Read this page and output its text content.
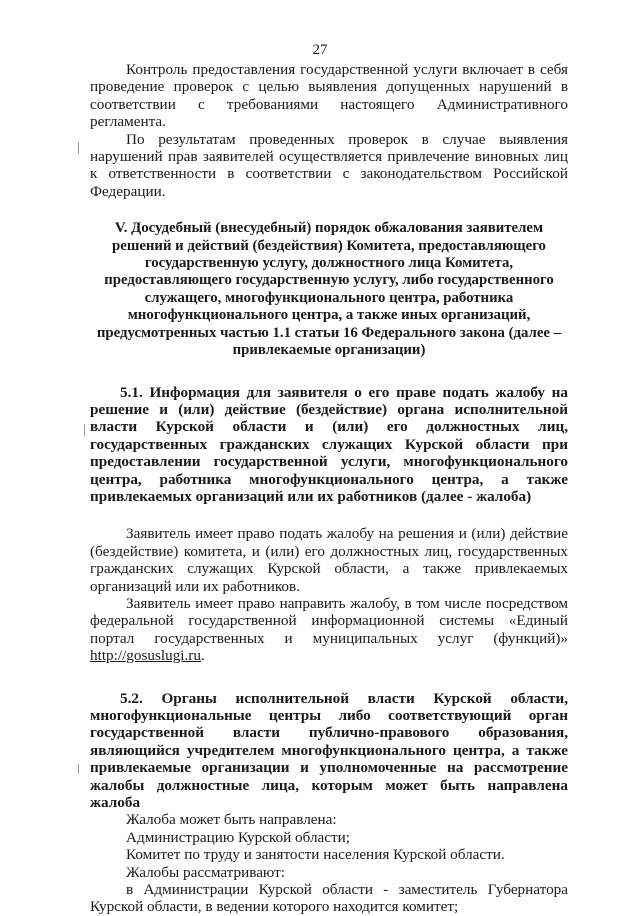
27

Контроль предоставления государственной услуги включает в себя проведение проверок с целью выявления допущенных нарушений в соответствии с требованиями настоящего Административного регламента.

По результатам проведенных проверок в случае выявления нарушений прав заявителей осуществляется привлечение виновных лиц к ответственности в соответствии с законодательством Российской Федерации.

V. Досудебный (внесудебный) порядок обжалования заявителем решений и действий (бездействия) Комитета, предоставляющего государственную услугу, должностного лица Комитета, предоставляющего государственную услугу, либо государственного служащего, многофункционального центра, работника многофункционального центра, а также иных организаций, предусмотренных частью 1.1 статьи 16 Федерального закона (далее – привлекаемые организации)

5.1. Информация для заявителя о его праве подать жалобу на решение и (или) действие (бездействие) органа исполнительной власти Курской области и (или) его должностных лиц, государственных гражданских служащих Курской области при предоставлении государственной услуги, многофункционального центра, работника многофункционального центра, а также привлекаемых организаций или их работников (далее - жалоба)

Заявитель имеет право подать жалобу на решения и (или) действие (бездействие) комитета, и (или) его должностных лиц, государственных гражданских служащих Курской области, а также привлекаемых организаций или их работников.

Заявитель имеет право направить жалобу, в том числе посредством федеральной государственной информационной системы «Единый портал государственных и муниципальных услуг (функций)» http://gosuslugi.ru.

5.2. Органы исполнительной власти Курской области, многофункциональные центры либо соответствующий орган государственной власти публично-правового образования, являющийся учредителем многофункционального центра, а также привлекаемые организации и уполномоченные на рассмотрение жалобы должностные лица, которым может быть направлена жалоба

Жалоба может быть направлена:

Администрацию Курской области;

Комитет по труду и занятости населения Курской области.

Жалобы рассматривают:

в Администрации Курской области - заместитель Губернатора Курской области, в ведении которого находится комитет;
